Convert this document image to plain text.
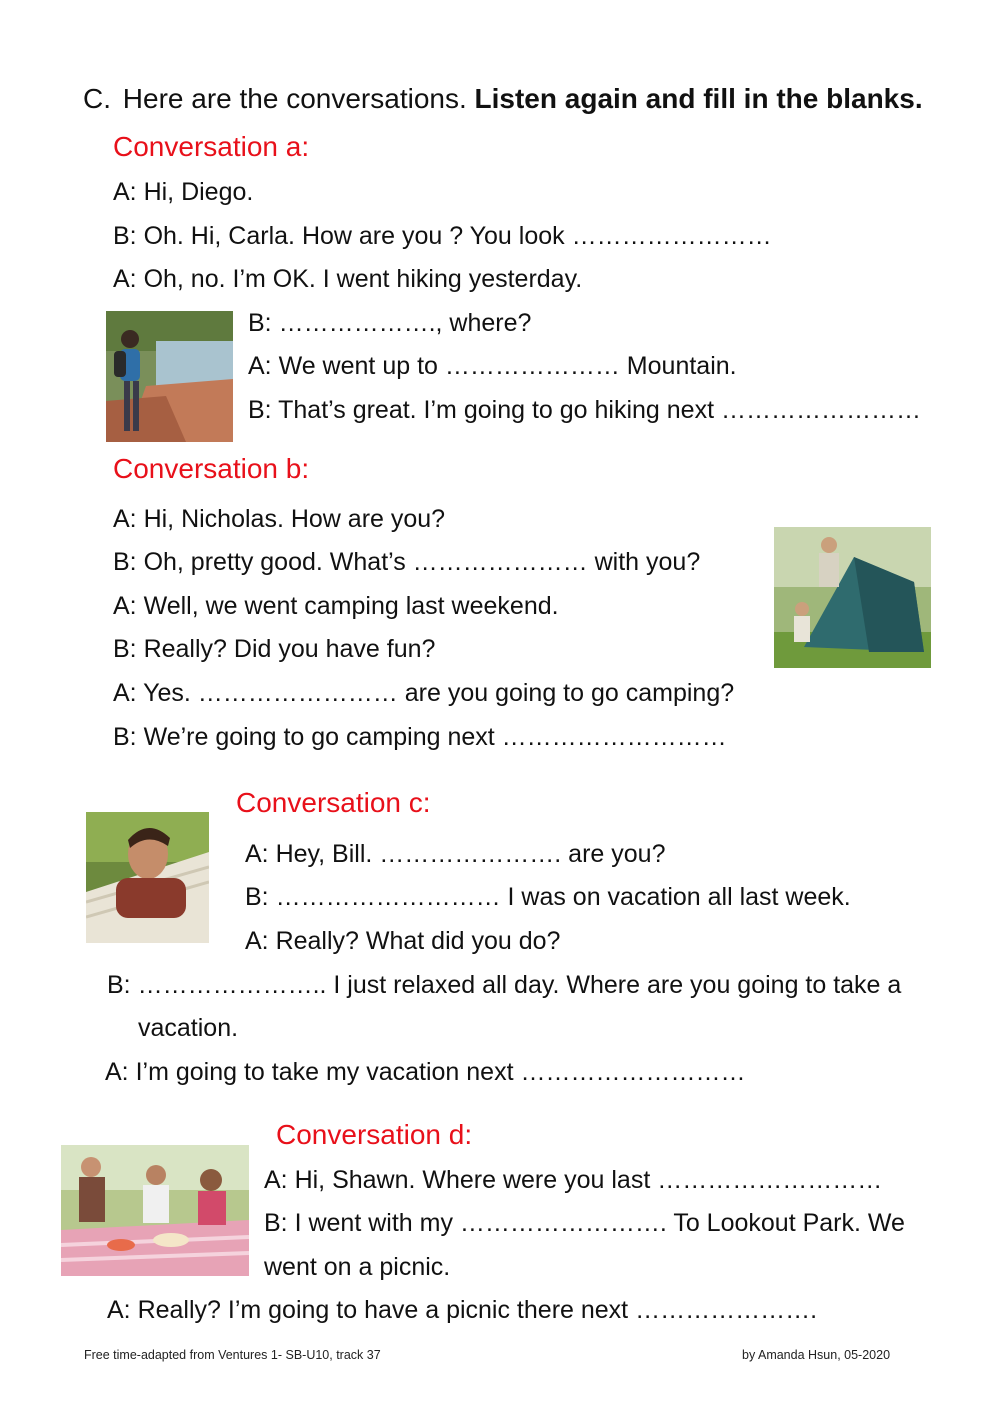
C. Here are the conversations. Listen again and fill in the blanks.
Conversation a:
A: Hi, Diego.
B: Oh. Hi, Carla. How are you ? You look ……………………
A: Oh, no. I’m OK. I went hiking yesterday.
B: ………………., where?
A: We went up to ………………… Mountain.
B: That’s great. I’m going to go hiking next ……………………
Conversation b:
A: Hi, Nicholas. How are you?
B: Oh, pretty good. What’s ………………… with you?
A: Well, we went camping last weekend.
B: Really? Did you have fun?
A: Yes. …………………… are you going to go camping?
B: We’re going to go camping next ………………………
Conversation c:
A: Hey, Bill. …………………. are you?
B: ……………………… I was on vacation all last week.
A: Really? What did you do?
B: ………………….. I just relaxed all day. Where are you going to take a
vacation.
A: I’m going to take my vacation next ………………………
Conversation d:
A: Hi, Shawn. Where were you last ………………………
B: I went with my ……………………. To Lookout Park. We
went on a picnic.
A: Really? I’m going to have a picnic there next ………………….
Free time-adapted from Ventures 1- SB-U10, track 37	by Amanda Hsun, 05-2020
